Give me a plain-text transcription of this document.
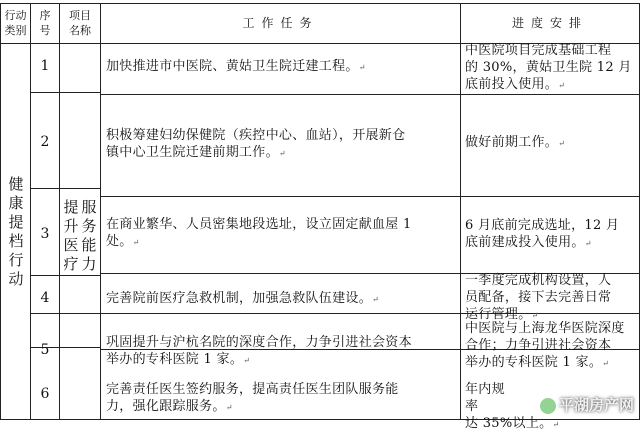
行动
类别
序
号
项目
名称
工作任务	进度安排
健
康
提
档
行
动
提
升
医
疗
服
务
能
力
1
2
3
4
5
6
加快推进市中医院、黄姑卫生院迁建工程。↵
积极筹建妇幼保健院（疾控中心、血站），开展新仓
镇中心卫生院迁建前期工作。↵
在商业繁华、人员密集地段选址，设立固定献血屋 1
处。↵
完善院前医疗急救机制，加强急救队伍建设。↵
巩固提升与沪杭名院的深度合作，力争引进社会资本
举办的专科医院 1 家。↵
完善责任医生签约服务，提高责任医生团队服务能
力，强化跟踪服务。↵
中医院项目完成基础工程
的 30%，黄姑卫生院 12 月
底前投入使用。↵
做好前期工作。↵
6 月底前完成选址，12 月
底前建成投入使用。↵
一季度完成机构设置，人
员配备，接下去完善日常
运行管理。↵
中医院与上海龙华医院深度
合作；力争引进社会资本
举办的专科医院 1 家。↵
年内规
率
达 35%以上。↵
平湖房产网
